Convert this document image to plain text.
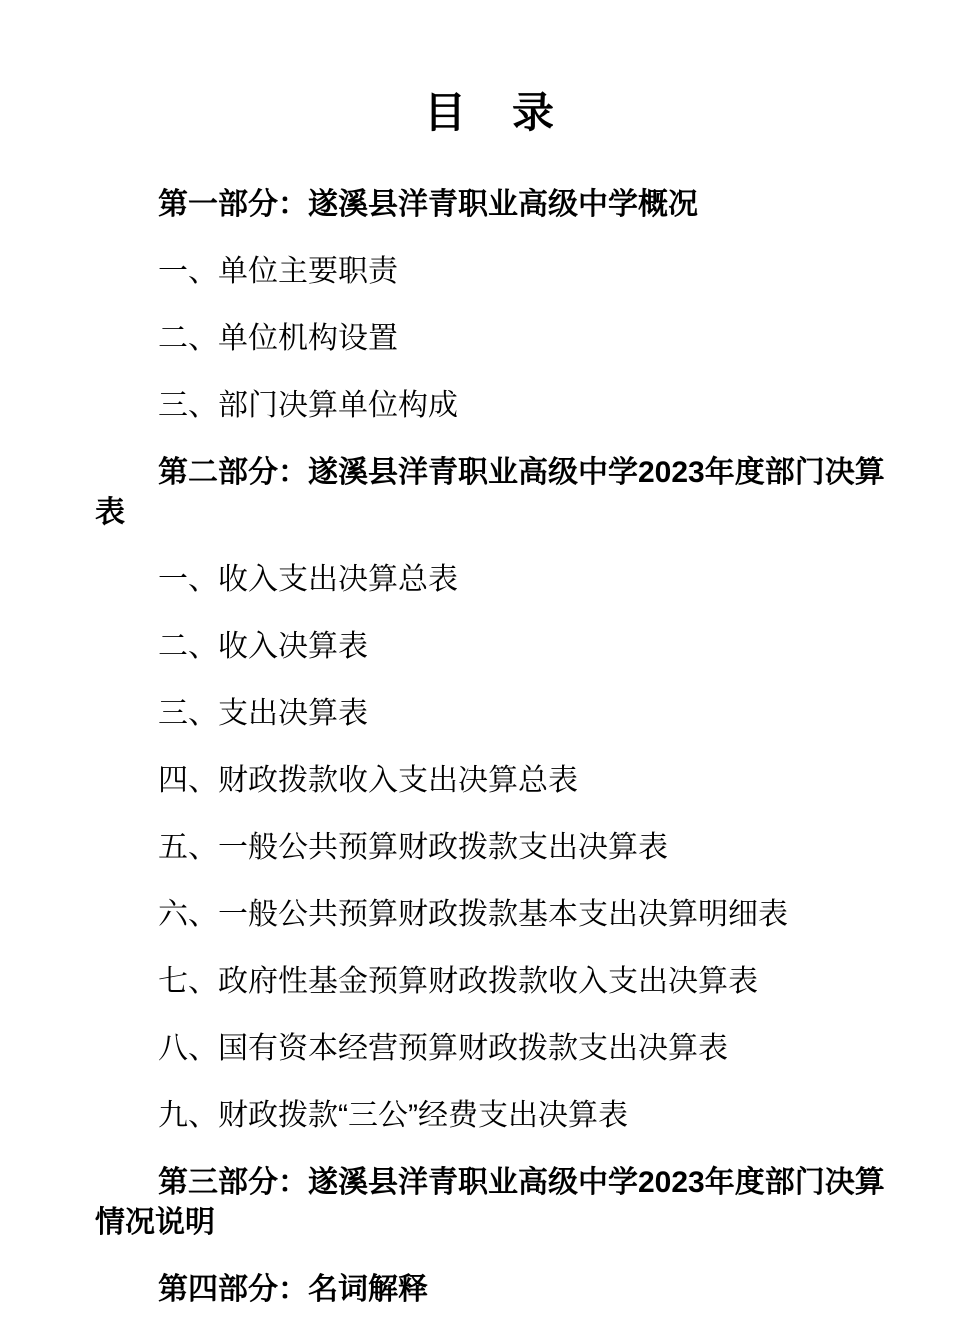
目　录

第一部分：遂溪县洋青职业高级中学概况

一、单位主要职责

二、单位机构设置

三、部门决算单位构成

第二部分：遂溪县洋青职业高级中学2023年度部门决算
表

一、收入支出决算总表

二、收入决算表

三、支出决算表

四、财政拨款收入支出决算总表

五、一般公共预算财政拨款支出决算表

六、一般公共预算财政拨款基本支出决算明细表

七、政府性基金预算财政拨款收入支出决算表

八、国有资本经营预算财政拨款支出决算表

九、财政拨款“三公”经费支出决算表

第三部分：遂溪县洋青职业高级中学2023年度部门决算
情况说明

第四部分：名词解释
